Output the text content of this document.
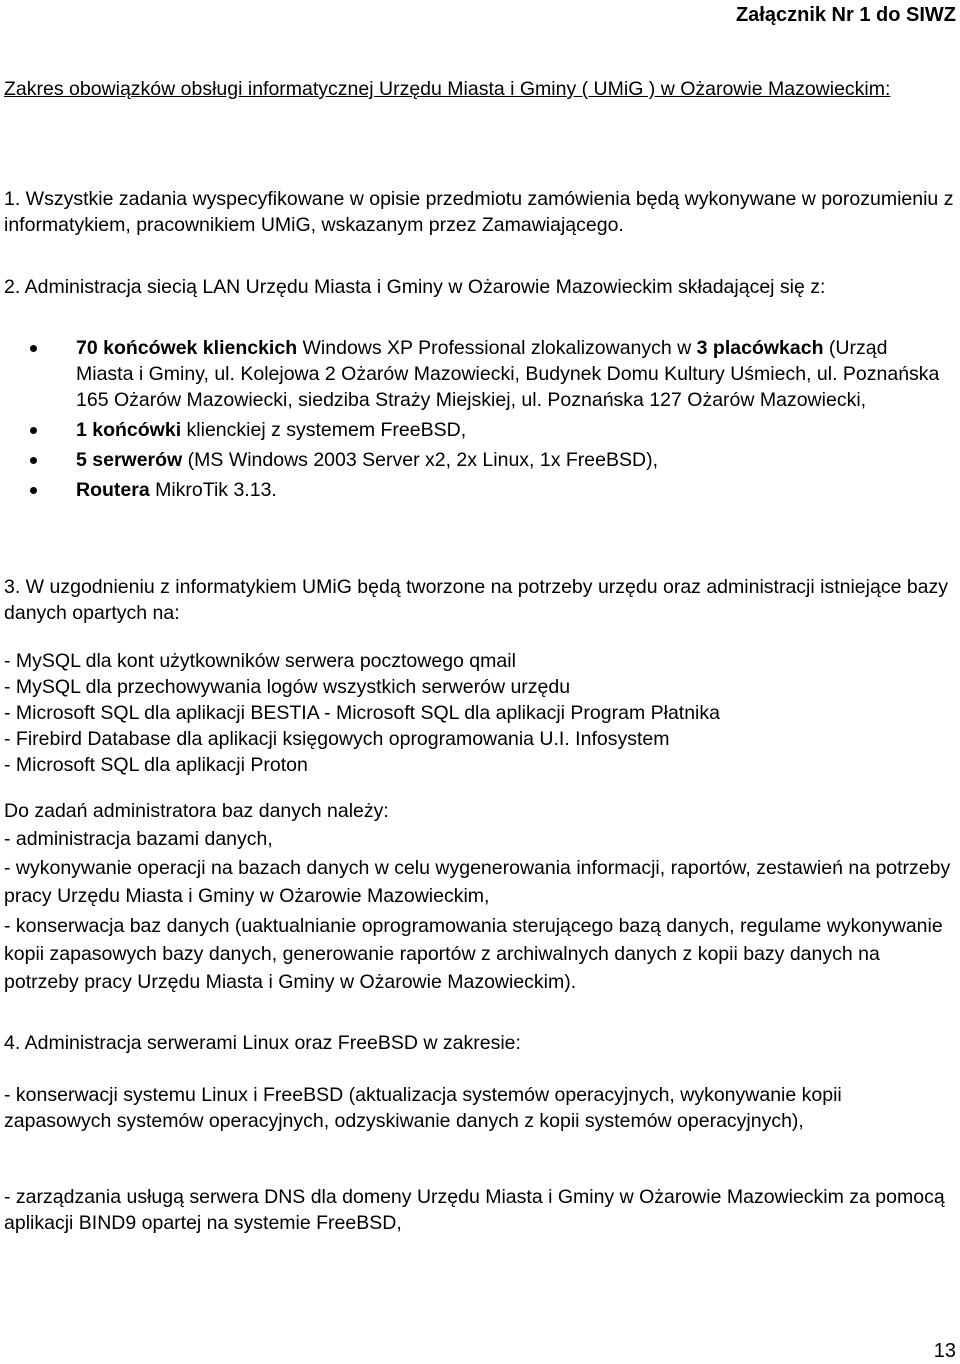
Załącznik Nr 1 do SIWZ

Zakres obowiązków obsługi informatycznej Urzędu Miasta i Gminy ( UMiG ) w Ożarowie Mazowieckim:

1. Wszystkie zadania wyspecyfikowane w opisie przedmiotu zamówienia będą wykonywane w porozumieniu z informatykiem, pracownikiem UMiG, wskazanym przez Zamawiającego.

2. Administracja siecią LAN Urzędu Miasta i Gminy w Ożarowie Mazowieckim składającej się z:

70 końcówek klienckich Windows XP Professional zlokalizowanych w 3 placówkach (Urząd Miasta i Gminy, ul. Kolejowa 2 Ożarów Mazowiecki, Budynek Domu Kultury Uśmiech, ul. Poznańska 165 Ożarów Mazowiecki, siedziba Straży Miejskiej, ul. Poznańska 127 Ożarów Mazowiecki,
1 końcówki klienckiej z systemem FreeBSD,
5 serwerów (MS Windows 2003 Server x2, 2x Linux, 1x FreeBSD),
Routera MikroTik 3.13.

3. W uzgodnieniu z informatykiem UMiG będą tworzone na potrzeby urzędu oraz administracji istniejące bazy danych opartych na:

- MySQL dla kont użytkowników serwera pocztowego qmail
- MySQL dla przechowywania logów wszystkich serwerów urzędu
- Microsoft SQL dla aplikacji BESTIA - Microsoft SQL dla aplikacji Program Płatnika
- Firebird Database dla aplikacji księgowych oprogramowania U.I. Infosystem
- Microsoft SQL dla aplikacji Proton

Do zadań administratora baz danych należy:

- administracja bazami danych,
- wykonywanie operacji na bazach danych w celu wygenerowania informacji, raportów, zestawień na potrzeby pracy Urzędu Miasta i Gminy w Ożarowie Mazowieckim,
- konserwacja baz danych (uaktualnianie oprogramowania sterującego bazą danych, regulame wykonywanie kopii zapasowych bazy danych, generowanie raportów z archiwalnych danych z kopii bazy danych na potrzeby pracy Urzędu Miasta i Gminy w Ożarowie Mazowieckim).

4. Administracja serwerami Linux oraz FreeBSD w zakresie:

- konserwacji systemu Linux i FreeBSD (aktualizacja systemów operacyjnych, wykonywanie kopii zapasowych systemów operacyjnych, odzyskiwanie danych z kopii systemów operacyjnych),

- zarządzania usługą serwera DNS dla domeny Urzędu Miasta i Gminy w Ożarowie Mazowieckim za pomocą aplikacji BIND9 opartej na systemie FreeBSD,

13
